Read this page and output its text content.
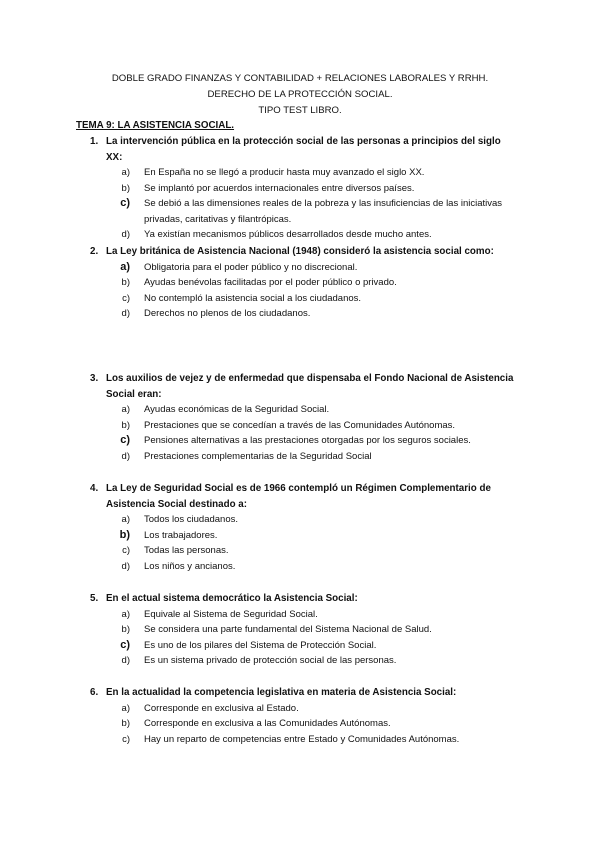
DOBLE GRADO FINANZAS Y CONTABILIDAD + RELACIONES LABORALES Y RRHH.
DERECHO DE LA PROTECCIÓN SOCIAL.
TIPO TEST LIBRO.
TEMA 9: LA ASISTENCIA SOCIAL.
1. La intervención pública en la protección social de las personas a principios del siglo XX:
a)	En España no se llegó a producir hasta muy avanzado el siglo XX.
b)	Se implantó por acuerdos internacionales entre diversos países.
c)	Se debió a las dimensiones reales de la pobreza y las insuficiencias de las iniciativas privadas, caritativas y filantrópicas.
d)	Ya existían mecanismos públicos desarrollados desde mucho antes.
2. La Ley británica de Asistencia Nacional (1948) consideró la asistencia social como:
a)	Obligatoria para el poder público y no discrecional.
b)	Ayudas benévolas facilitadas por el poder público o privado.
c)	No contempló la asistencia social a los ciudadanos.
d)	Derechos no plenos de los ciudadanos.
3. Los auxilios de vejez y de enfermedad que dispensaba el Fondo Nacional de Asistencia Social eran:
a)	Ayudas económicas de la Seguridad Social.
b)	Prestaciones que se concedían a través de las Comunidades Autónomas.
c)	Pensiones alternativas a las prestaciones otorgadas por los seguros sociales.
d)	Prestaciones complementarias de la Seguridad Social
4. La Ley de Seguridad Social es de 1966 contempló un Régimen Complementario de Asistencia Social destinado a:
a)	Todos los ciudadanos.
b)	Los trabajadores.
c)	Todas las personas.
d)	Los niños y ancianos.
5. En el actual sistema democrático la Asistencia Social:
a)	Equivale al Sistema de Seguridad Social.
b)	Se considera una parte fundamental del Sistema Nacional de Salud.
c)	Es uno de los pilares del Sistema de Protección Social.
d)	Es un sistema privado de protección social de las personas.
6. En la actualidad la competencia legislativa en materia de Asistencia Social:
a)	Corresponde en exclusiva al Estado.
b)	Corresponde en exclusiva a las Comunidades Autónomas.
c)	Hay un reparto de competencias entre Estado y Comunidades Autónomas.
